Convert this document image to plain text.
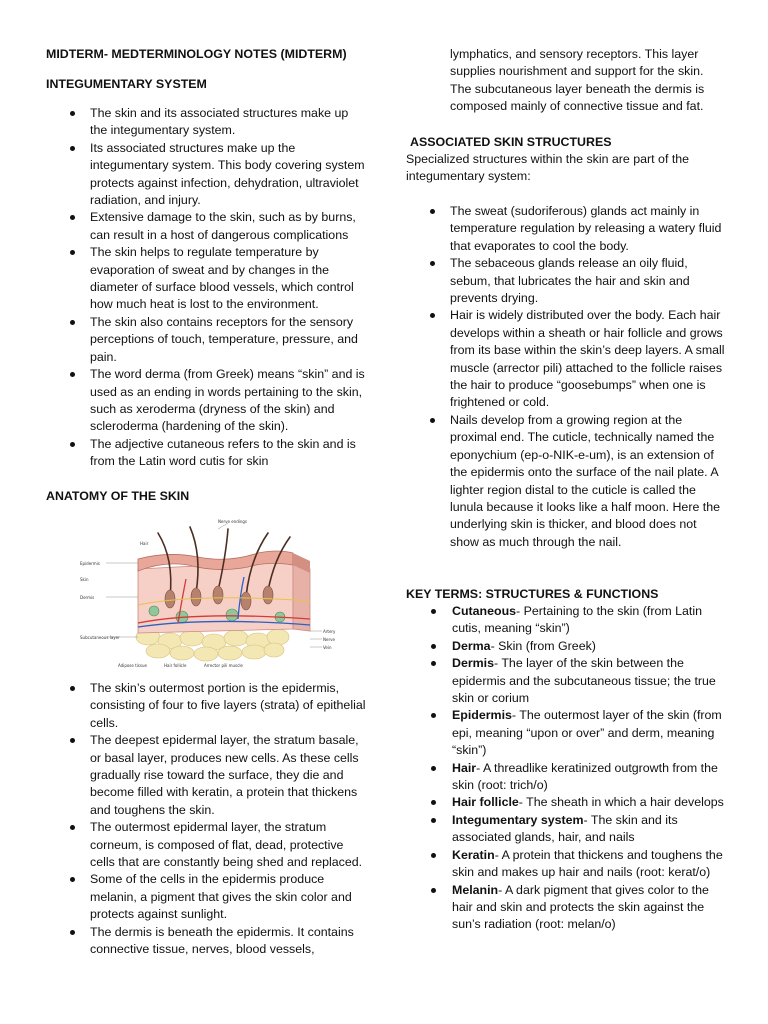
MIDTERM- MEDTERMINOLOGY NOTES (MIDTERM)

INTEGUMENTARY SYSTEM

The skin and its associated structures make up the integumentary system.
Its associated structures make up the integumentary system. This body covering system protects against infection, dehydration, ultraviolet radiation, and injury.
Extensive damage to the skin, such as by burns, can result in a host of dangerous complications
The skin helps to regulate temperature by evaporation of sweat and by changes in the diameter of surface blood vessels, which control how much heat is lost to the environment.
The skin also contains receptors for the sensory perceptions of touch, temperature, pressure, and pain.
The word derma (from Greek) means “skin” and is used as an ending in words pertaining to the skin, such as xeroderma (dryness of the skin) and scleroderma (hardening of the skin).
The adjective cutaneous refers to the skin and is from the Latin word cutis for skin

ANATOMY OF THE SKIN

The skin’s outermost portion is the epidermis, consisting of four to five layers (strata) of epithelial cells.
The deepest epidermal layer, the stratum basale, or basal layer, produces new cells. As these cells gradually rise toward the surface, they die and become filled with keratin, a protein that thickens and toughens the skin.
The outermost epidermal layer, the stratum corneum, is composed of flat, dead, protective cells that are constantly being shed and replaced.
Some of the cells in the epidermis produce melanin, a pigment that gives the skin color and protects against sunlight.
The dermis is beneath the epidermis. It contains connective tissue, nerves, blood vessels,
Nerve endings
Hair
Epidermis
Skin
Dermis
Subcutaneous layer
Adipose tissue	Hair follicle	Arrector pili muscle
Artery
Nerve
Vein

lymphatics, and sensory receptors. This layer supplies nourishment and support for the skin. The subcutaneous layer beneath the dermis is composed mainly of connective tissue and fat.

ASSOCIATED SKIN STRUCTURES

Specialized structures within the skin are part of the integumentary system:

The sweat (sudoriferous) glands act mainly in temperature regulation by releasing a watery fluid that evaporates to cool the body.
The sebaceous glands release an oily fluid, sebum, that lubricates the hair and skin and prevents drying.
Hair is widely distributed over the body. Each hair develops within a sheath or hair follicle and grows from its base within the skin’s deep layers. A small muscle (arrector pili) attached to the follicle raises the hair to produce “goosebumps” when one is frightened or cold.
Nails develop from a growing region at the proximal end. The cuticle, technically named the eponychium (ep-o-NIK-e-um), is an extension of the epidermis onto the surface of the nail plate. A lighter region distal to the cuticle is called the lunula because it looks like a half moon. Here the underlying skin is thicker, and blood does not show as much through the nail.

KEY TERMS: STRUCTURES & FUNCTIONS

Cutaneous- Pertaining to the skin (from Latin cutis, meaning “skin”)
Derma- Skin (from Greek)
Dermis- The layer of the skin between the epidermis and the subcutaneous tissue; the true skin or corium
Epidermis- The outermost layer of the skin (from epi, meaning “upon or over” and derm, meaning “skin”)
Hair- A threadlike keratinized outgrowth from the skin (root: trich/o)
Hair follicle- The sheath in which a hair develops
Integumentary system- The skin and its associated glands, hair, and nails
Keratin- A protein that thickens and toughens the skin and makes up hair and nails (root: kerat/o)
Melanin- A dark pigment that gives color to the hair and skin and protects the skin against the sun’s radiation (root: melan/o)
